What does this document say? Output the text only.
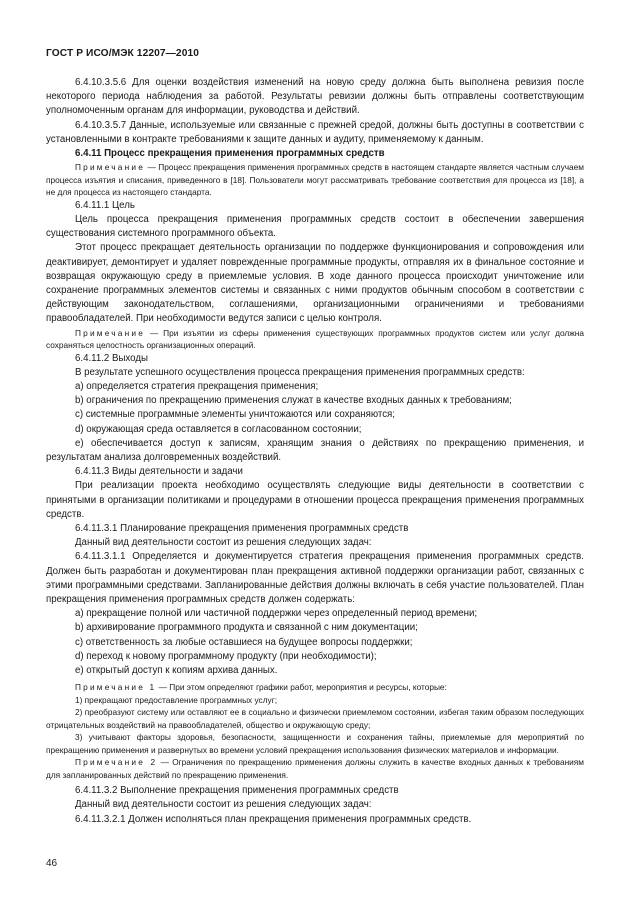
ГОСТ Р ИСО/МЭК 12207—2010

6.4.10.3.5.6 Для оценки воздействия изменений на новую среду должна быть выполнена ревизия после некоторого периода наблюдения за работой. Результаты ревизии должны быть отправлены соответствующим уполномоченным органам для информации, руководства и действий.

6.4.10.3.5.7 Данные, используемые или связанные с прежней средой, должны быть доступны в соответствии с установленными в контракте требованиями к защите данных и аудиту, применяемому к данным.

6.4.11 Процесс прекращения применения программных средств

Примечание — Процесс прекращения применения программных средств в настоящем стандарте является частным случаем процесса изъятия и списания, приведенного в [18]. Пользователи могут рассматривать требование соответствия для процесса из [18], а не для процесса из настоящего стандарта.

6.4.11.1 Цель

Цель процесса прекращения применения программных средств состоит в обеспечении завершения существования системного программного объекта.

Этот процесс прекращает деятельность организации по поддержке функционирования и сопровождения или деактивирует, демонтирует и удаляет поврежденные программные продукты, отправляя их в финальное состояние и возвращая окружающую среду в приемлемые условия. В ходе данного процесса происходит уничтожение или сохранение программных элементов системы и связанных с ними продуктов обычным способом в соответствии с действующим законодательством, соглашениями, организационными ограничениями и требованиями правообладателей. При необходимости ведутся записи с целью контроля.

Примечание — При изъятии из сферы применения существующих программных продуктов систем или услуг должна сохраняться целостность организационных операций.

6.4.11.2 Выходы

В результате успешного осуществления процесса прекращения применения программных средств:

a) определяется стратегия прекращения применения;

b) ограничения по прекращению применения служат в качестве входных данных к требованиям;

c) системные программные элементы уничтожаются или сохраняются;

d) окружающая среда оставляется в согласованном состоянии;

e) обеспечивается доступ к записям, хранящим знания о действиях по прекращению применения, и результатам анализа долговременных воздействий.

6.4.11.3 Виды деятельности и задачи

При реализации проекта необходимо осуществлять следующие виды деятельности в соответствии с принятыми в организации политиками и процедурами в отношении процесса прекращения применения программных средств.

6.4.11.3.1 Планирование прекращения применения программных средств

Данный вид деятельности состоит из решения следующих задач:

6.4.11.3.1.1 Определяется и документируется стратегия прекращения применения программных средств. Должен быть разработан и документирован план прекращения активной поддержки организации работ, связанных с этими программными средствами. Запланированные действия должны включать в себя участие пользователей. План прекращения применения программных средств должен содержать:

a) прекращение полной или частичной поддержки через определенный период времени;

b) архивирование программного продукта и связанной с ним документации;

c) ответственность за любые оставшиеся на будущее вопросы поддержки;

d) переход к новому программному продукту (при необходимости);

e) открытый доступ к копиям архива данных.

Примечание 1 — При этом определяют графики работ, мероприятия и ресурсы, которые:

1) прекращают предоставление программных услуг;

2) преобразуют систему или оставляют ее в социально и физически приемлемом состоянии, избегая таким образом последующих отрицательных воздействий на правообладателей, общество и окружающую среду;

3) учитывают факторы здоровья, безопасности, защищенности и сохранения тайны, приемлемые для мероприятий по прекращению применения и развернутых во времени условий прекращения использования физических материалов и информации.

Примечание 2 — Ограничения по прекращению применения должны служить в качестве входных данных к требованиям для запланированных действий по прекращению применения.

6.4.11.3.2 Выполнение прекращения применения программных средств

Данный вид деятельности состоит из решения следующих задач:

6.4.11.3.2.1 Должен исполняться план прекращения применения программных средств.

46
